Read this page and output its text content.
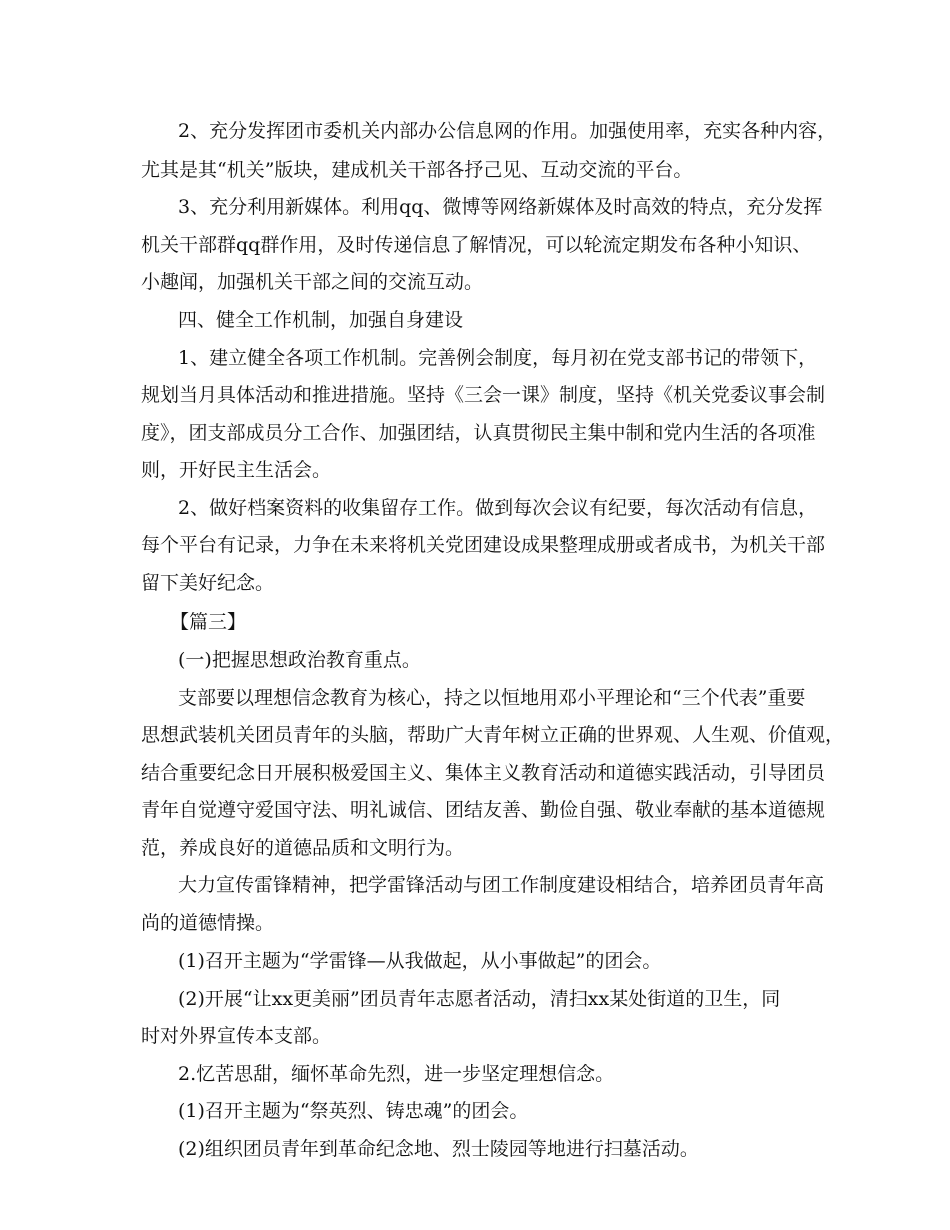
2、充分发挥团市委机关内部办公信息网的作用。加强使用率，充实各种内容，
尤其是其“机关”版块，建成机关干部各抒己见、互动交流的平台。
3、充分利用新媒体。利用qq、微博等网络新媒体及时高效的特点，充分发挥
机关干部群qq群作用，及时传递信息了解情况，可以轮流定期发布各种小知识、
小趣闻，加强机关干部之间的交流互动。
四、健全工作机制，加强自身建设
1、建立健全各项工作机制。完善例会制度，每月初在党支部书记的带领下，
规划当月具体活动和推进措施。坚持《三会一课》制度，坚持《机关党委议事会制
度》，团支部成员分工合作、加强团结，认真贯彻民主集中制和党内生活的各项准
则，开好民主生活会。
2、做好档案资料的收集留存工作。做到每次会议有纪要，每次活动有信息，
每个平台有记录，力争在未来将机关党团建设成果整理成册或者成书，为机关干部
留下美好纪念。
【篇三】
(一)把握思想政治教育重点。
支部要以理想信念教育为核心，持之以恒地用邓小平理论和“三个代表”重要
思想武装机关团员青年的头脑，帮助广大青年树立正确的世界观、人生观、价值观，
结合重要纪念日开展积极爱国主义、集体主义教育活动和道德实践活动，引导团员
青年自觉遵守爱国守法、明礼诚信、团结友善、勤俭自强、敬业奉献的基本道德规
范，养成良好的道德品质和文明行为。
大力宣传雷锋精神，把学雷锋活动与团工作制度建设相结合，培养团员青年高
尚的道德情操。
(1)召开主题为“学雷锋—从我做起，从小事做起”的团会。
(2)开展“让xx更美丽”团员青年志愿者活动，清扫xx某处街道的卫生，同
时对外界宣传本支部。
2.忆苦思甜，缅怀革命先烈，进一步坚定理想信念。
(1)召开主题为“祭英烈、铸忠魂”的团会。
(2)组织团员青年到革命纪念地、烈士陵园等地进行扫墓活动。
